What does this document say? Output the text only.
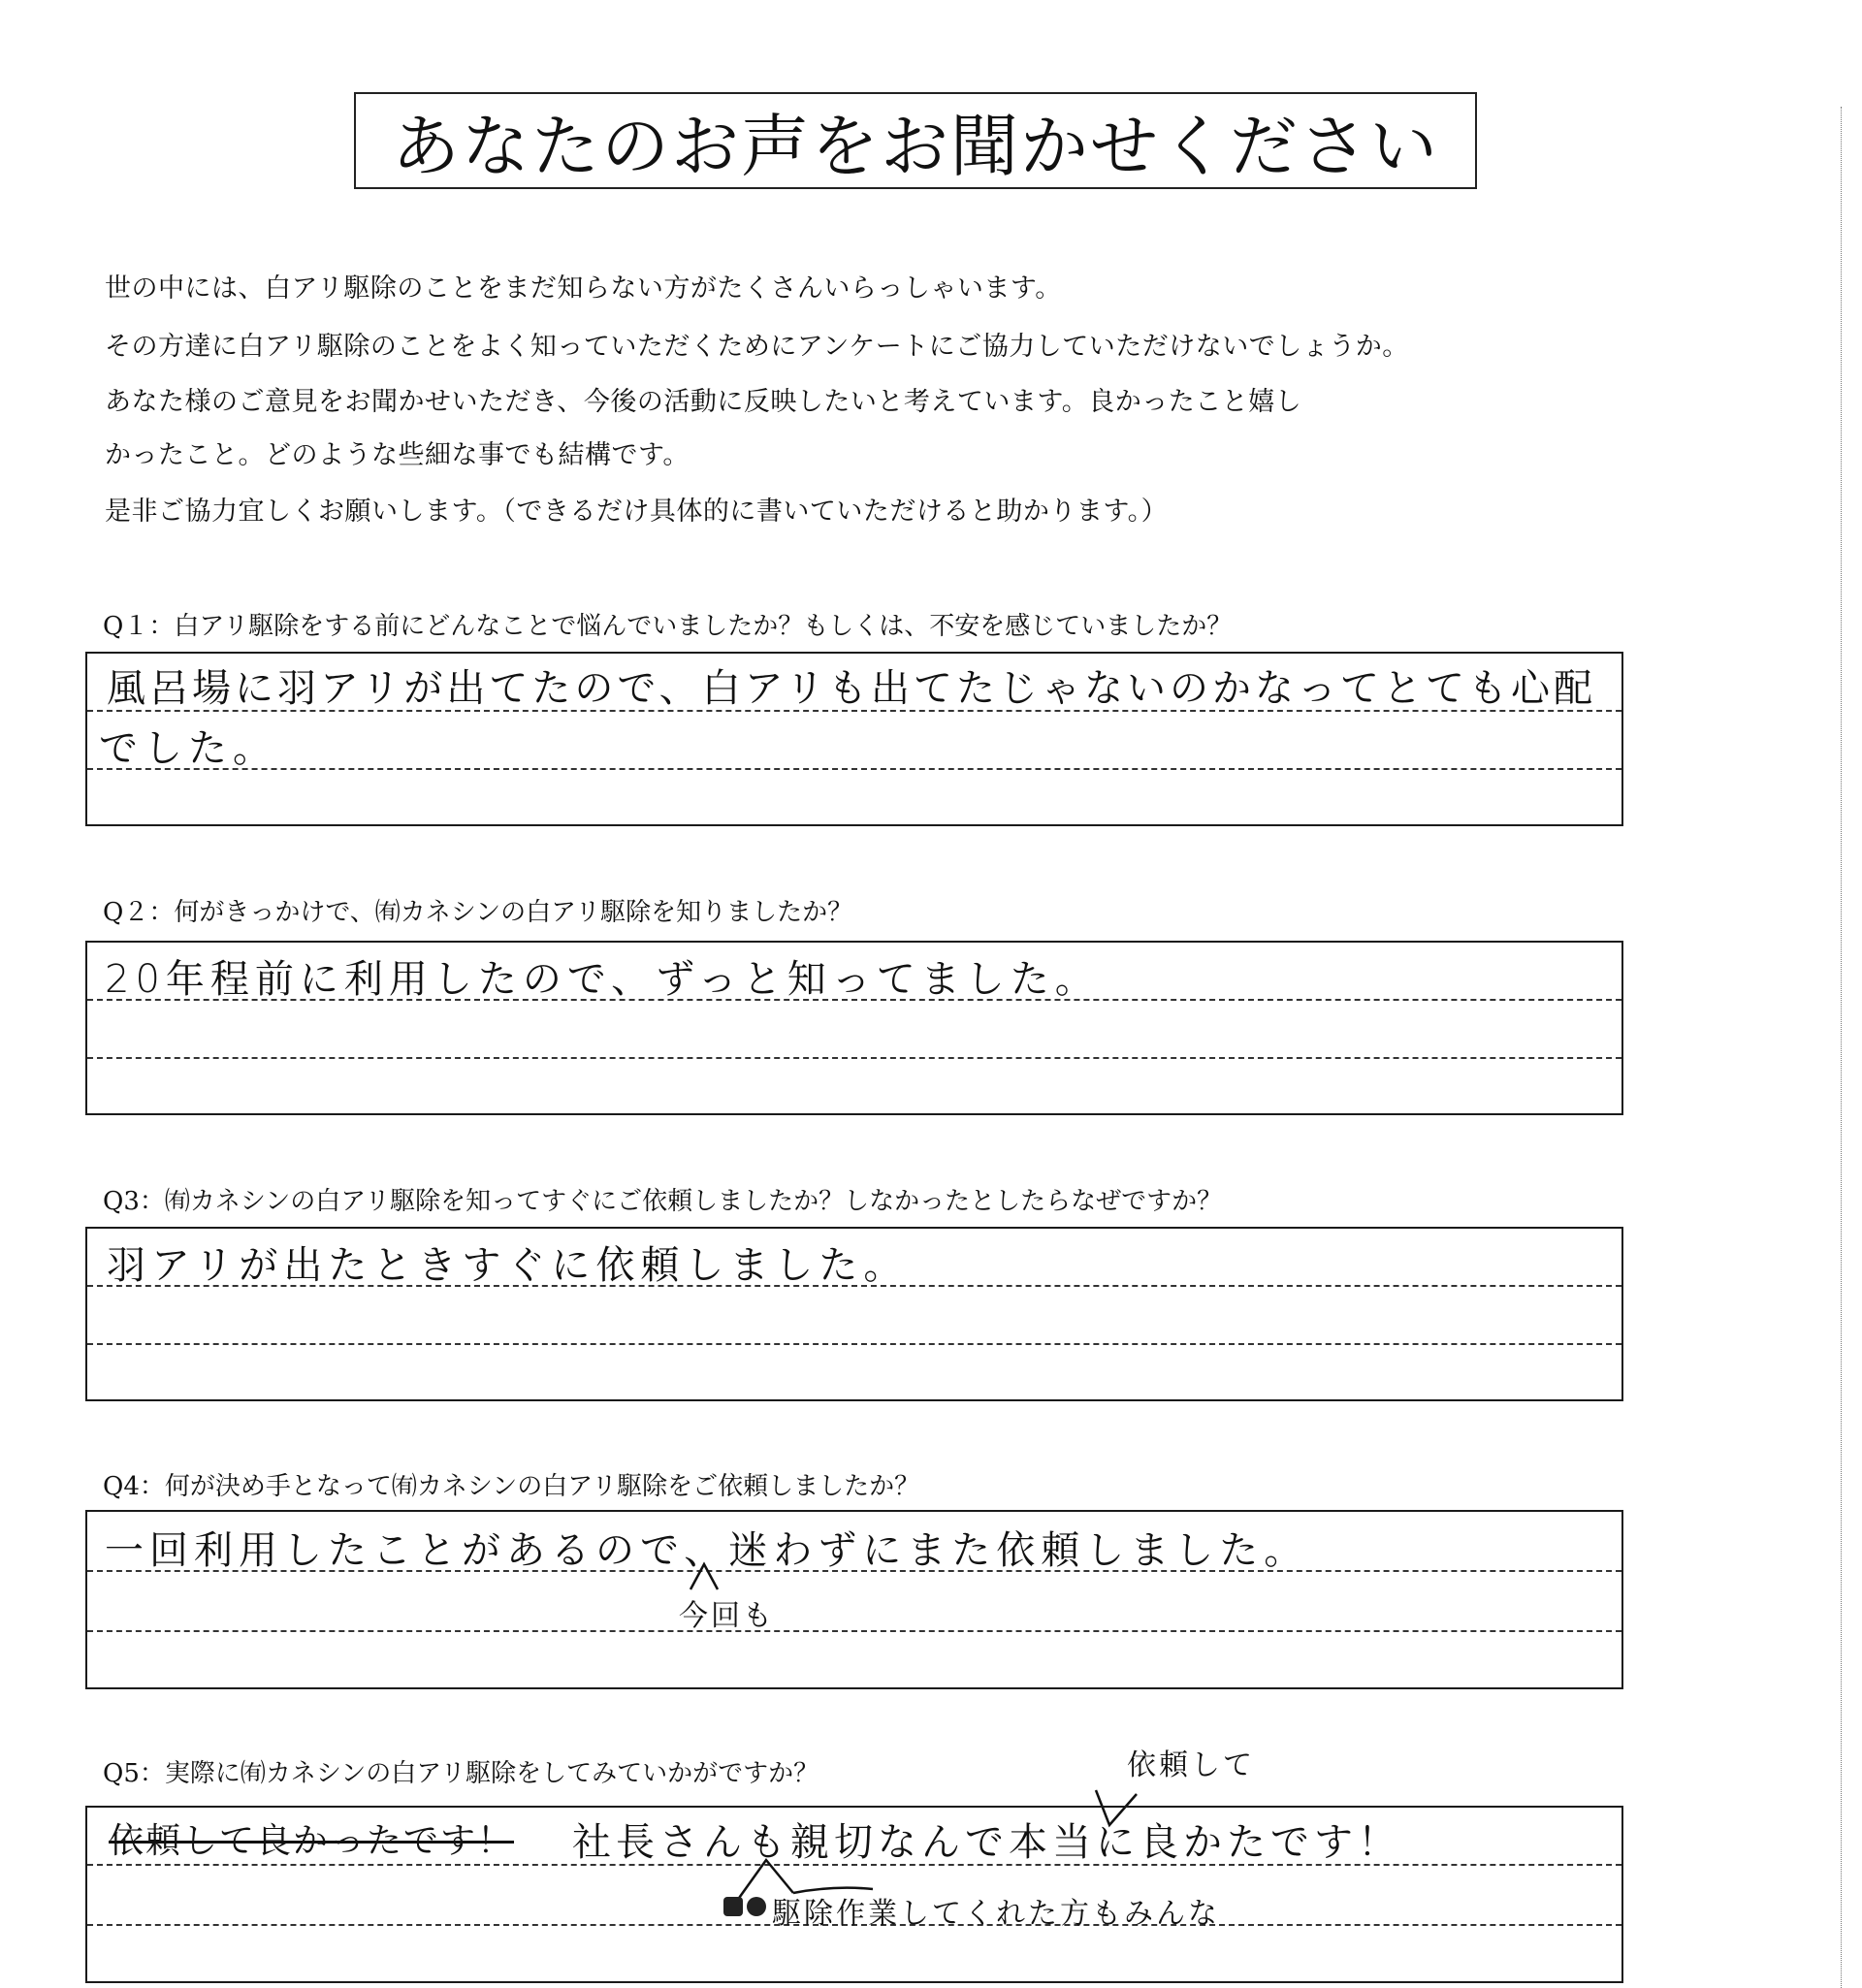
あなたのお声をお聞かせください
世の中には、白アリ駆除のことをまだ知らない方がたくさんいらっしゃいます。
その方達に白アリ駆除のことをよく知っていただくためにアンケートにご協力していただけないでしょうか。
あなた様のご意見をお聞かせいただき、今後の活動に反映したいと考えています。良かったこと嬉し
かったこと。どのような些細な事でも結構です。
是非ご協力宜しくお願いします。（できるだけ具体的に書いていただけると助かります。）
Q１：白アリ駆除をする前にどんなことで悩んでいましたか？もしくは、不安を感じていましたか？
風呂場に羽アリが出てたので、白アリも出てたじゃないのかなってとても心配
でした。
Q２：何がきっかけで、㈲カネシンの白アリ駆除を知りましたか？
20年程前に利用したので、ずっと知ってました。
Q3：㈲カネシンの白アリ駆除を知ってすぐにご依頼しましたか？しなかったとしたらなぜですか？
羽アリが出たときすぐに依頼しました。
Q4：何が決め手となって㈲カネシンの白アリ駆除をご依頼しましたか？
一回利用したことがあるので、迷わずにまた依頼しました。
今回も
Q5：実際に㈲カネシンの白アリ駆除をしてみていかがですか？	依頼して
依頼して良かったです！ 社長さんも親切なんで本当に良かたです！
駆除作業してくれた方もみんな
